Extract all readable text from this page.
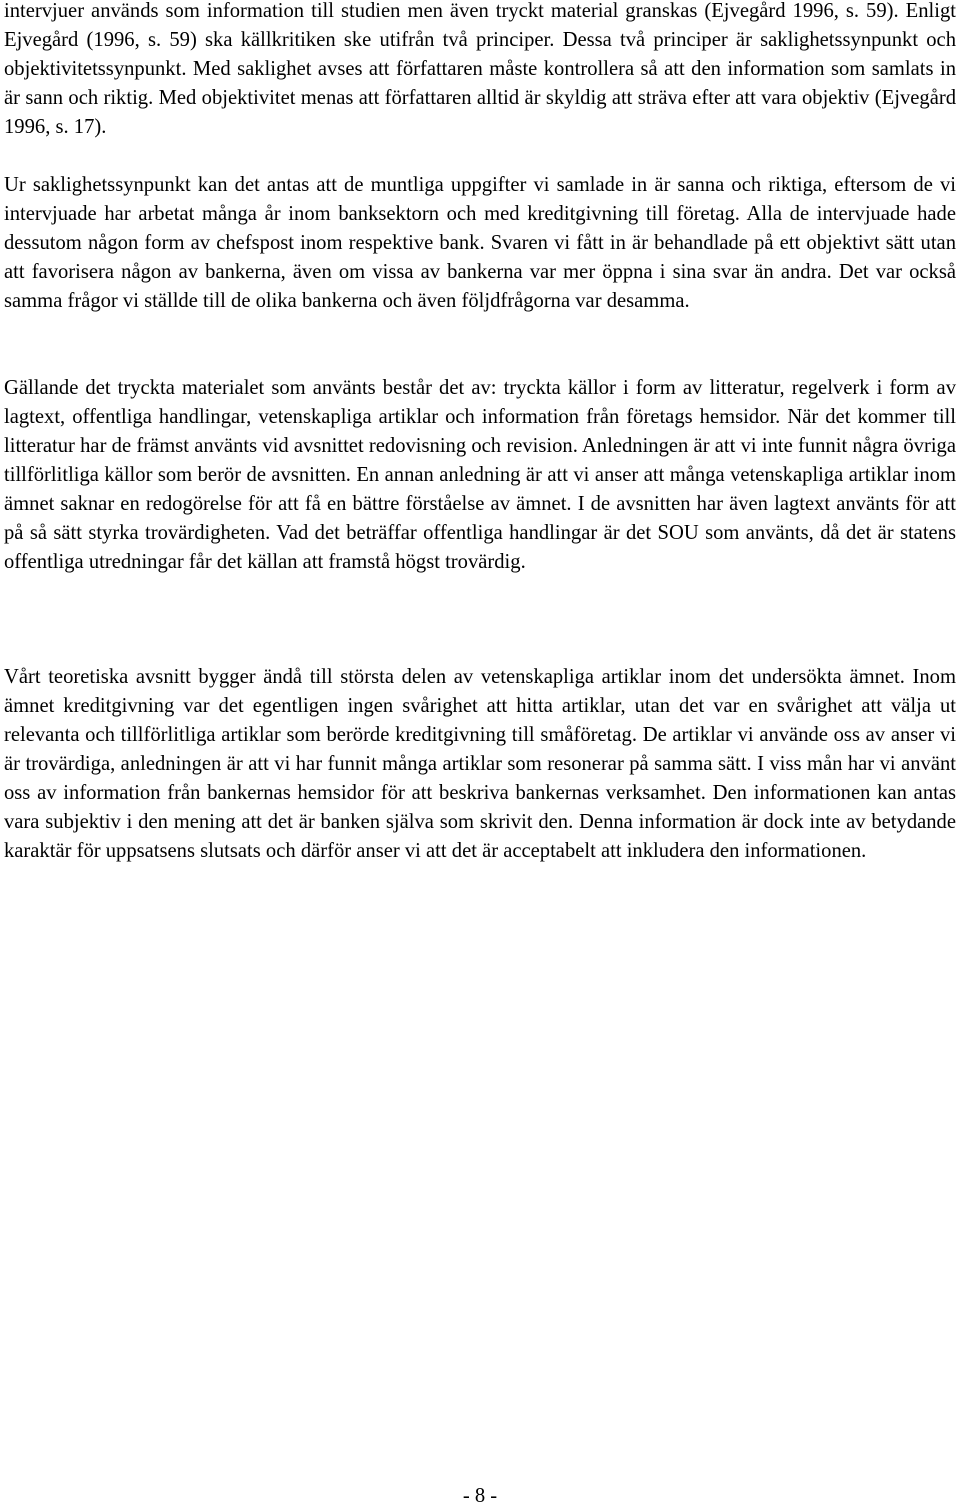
intervjuer används som information till studien men även tryckt material granskas (Ejvegård 1996, s. 59). Enligt Ejvegård (1996, s. 59) ska källkritiken ske utifrån två principer. Dessa två principer är saklighetssynpunkt och objektivitetssynpunkt. Med saklighet avses att författaren måste kontrollera så att den information som samlats in är sann och riktig. Med objektivitet menas att författaren alltid är skyldig att sträva efter att vara objektiv (Ejvegård 1996, s. 17).

Ur saklighetssynpunkt kan det antas att de muntliga uppgifter vi samlade in är sanna och riktiga, eftersom de vi intervjuade har arbetat många år inom banksektorn och med kreditgivning till företag. Alla de intervjuade hade dessutom någon form av chefspost inom respektive bank. Svaren vi fått in är behandlade på ett objektivt sätt utan att favorisera någon av bankerna, även om vissa av bankerna var mer öppna i sina svar än andra. Det var också samma frågor vi ställde till de olika bankerna och även följdfrågorna var desamma.

Gällande det tryckta materialet som använts består det av: tryckta källor i form av litteratur, regelverk i form av lagtext, offentliga handlingar, vetenskapliga artiklar och information från företags hemsidor. När det kommer till litteratur har de främst använts vid avsnittet redovisning och revision. Anledningen är att vi inte funnit några övriga tillförlitliga källor som berör de avsnitten. En annan anledning är att vi anser att många vetenskapliga artiklar inom ämnet saknar en redogörelse för att få en bättre förståelse av ämnet. I de avsnitten har även lagtext använts för att på så sätt styrka trovärdigheten. Vad det beträffar offentliga handlingar är det SOU som använts, då det är statens offentliga utredningar får det källan att framstå högst trovärdig.

Vårt teoretiska avsnitt bygger ändå till största delen av vetenskapliga artiklar inom det undersökta ämnet. Inom ämnet kreditgivning var det egentligen ingen svårighet att hitta artiklar, utan det var en svårighet att välja ut relevanta och tillförlitliga artiklar som berörde kreditgivning till småföretag. De artiklar vi använde oss av anser vi är trovärdiga, anledningen är att vi har funnit många artiklar som resonerar på samma sätt. I viss mån har vi använt oss av information från bankernas hemsidor för att beskriva bankernas verksamhet. Den informationen kan antas vara subjektiv i den mening att det är banken själva som skrivit den. Denna information är dock inte av betydande karaktär för uppsatsens slutsats och därför anser vi att det är acceptabelt att inkludera den informationen.

- 8 -
